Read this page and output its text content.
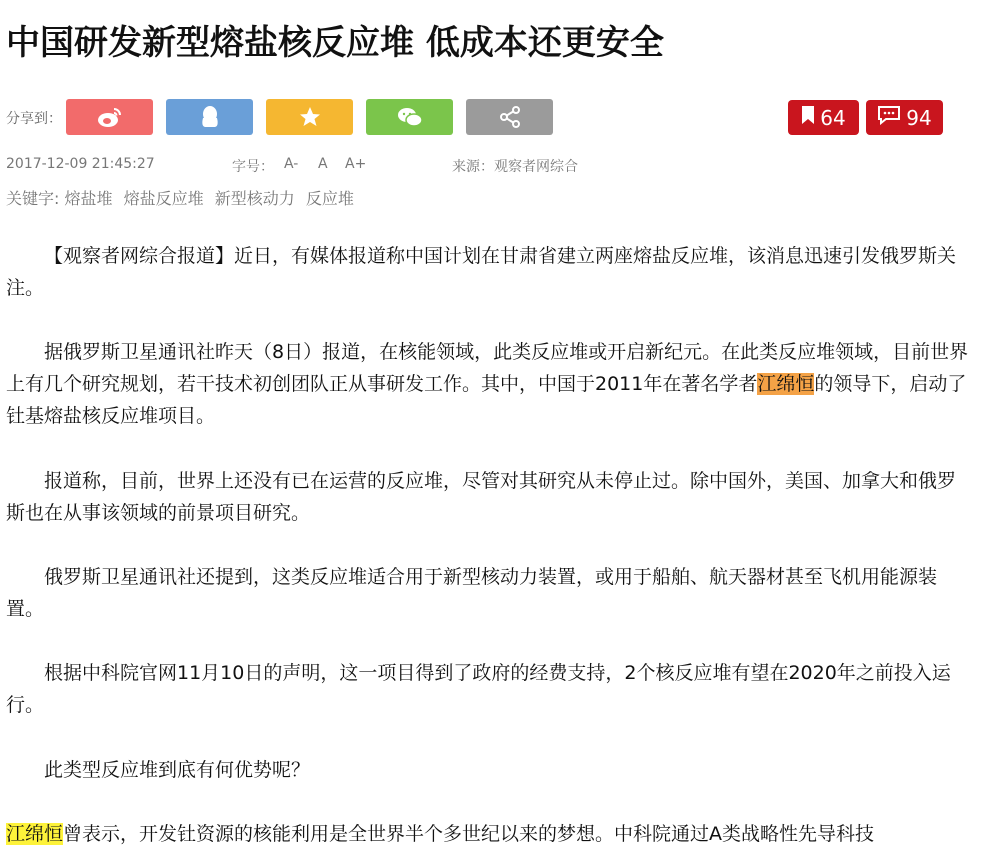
中国研发新型熔盐核反应堆 低成本还更安全
分享到：	64	94
2017-12-09 21:45:27	字号： A- A A+	来源：观察者网综合
关键字: 熔盐堆 熔盐反应堆 新型核动力 反应堆

【观察者网综合报道】近日，有媒体报道称中国计划在甘肃省建立两座熔盐反应堆，该消息迅速引发俄罗斯关注。

据俄罗斯卫星通讯社昨天（8日）报道，在核能领域，此类反应堆或开启新纪元。在此类反应堆领域，目前世界上有几个研究规划，若干技术初创团队正从事研发工作。其中，中国于2011年在著名学者江绵恒的领导下，启动了钍基熔盐核反应堆项目。

报道称，目前，世界上还没有已在运营的反应堆，尽管对其研究从未停止过。除中国外，美国、加拿大和俄罗斯也在从事该领域的前景项目研究。

俄罗斯卫星通讯社还提到，这类反应堆适合用于新型核动力装置，或用于船舶、航天器材甚至飞机用能源装置。

根据中科院官网11月10日的声明，这一项目得到了政府的经费支持，2个核反应堆有望在2020年之前投入运行。

此类型反应堆到底有何优势呢？

江绵恒曾表示，开发钍资源的核能利用是全世界半个多世纪以来的梦想。中科院通过A类战略性先导科技
